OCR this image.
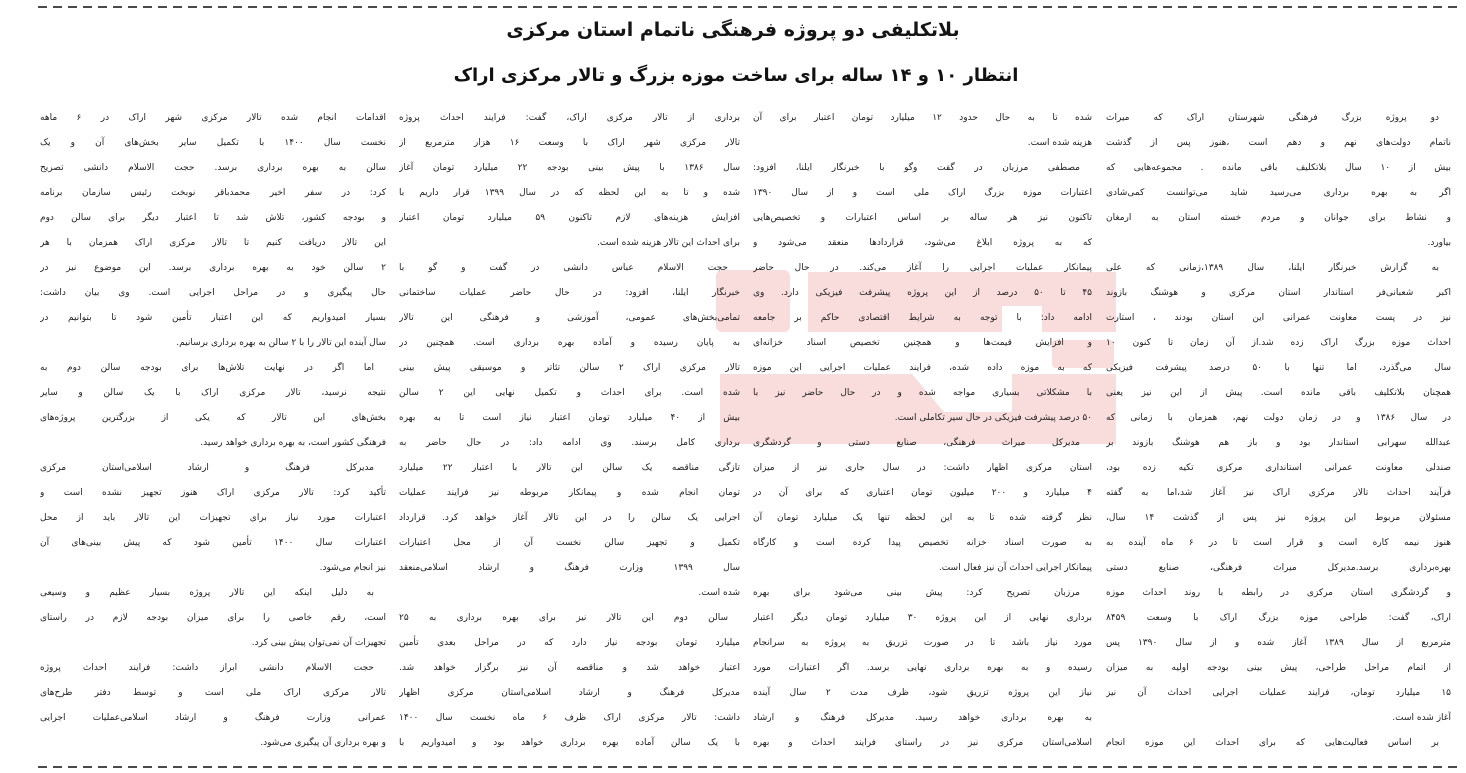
بلاتکلیفی دو پروژه فرهنگی ناتمام استان مرکزی
انتظار ۱۰ و ۱۴ ساله برای ساخت موزه بزرگ و تالار مرکزی اراک
دو پروژه بزرگ فرهنگی شهرستان اراک که میراث
ناتمام دولت‌های نهم و دهم است ،هنوز پس از گذشت
بیش از ۱۰ سال بلاتکلیف باقی مانده . مجموعه‌هایی که
اگر به بهره برداری می‌رسید شاید می‌توانست کمی‌شادی
و نشاط برای جوانان و مردم خسته استان به ارمغان
بیاورد.
به گزارش خبرنگار ایلنا، سال ۱۳۸۹،زمانی که علی
اکبر شعبانی‌فر استاندار استان مرکزی و هوشنگ بازوند
نیز در پست معاونت عمرانی این استان بودند ، استارت
احداث موزه بزرگ اراک زده شد.از آن زمان تا کنون ۱۰
سال می‌گذرد، اما تنها با ۵۰ درصد پیشرفت فیزیکی
همچنان بلاتکلیف باقی مانده است. پیش از این نیز یعنی
در سال ۱۳۸۶ و در زمان دولت نهم، همزمان با زمانی که
عبدالله سهرابی استاندار بود و باز هم هوشنگ بازوند بر
صندلی معاونت عمرانی استانداری مرکزی تکیه زده بود،
فرآیند احداث تالار مرکزی اراک نیز آغاز شد،اما به گفته
مسئولان مربوط این پروژه نیز پس از گذشت ۱۴ سال،
هنوز نیمه کاره است و قرار است تا در ۶ ماه آینده به
بهره‌برداری برسد.مدیرکل میراث فرهنگی، صنایع دستی
و گردشگری استان مرکزی در رابطه با روند احداث موزه
اراک، گفت: طراحی موزه بزرگ اراک با وسعت ۸۴۵۹
مترمربع از سال ۱۳۸۹ آغاز شده و از سال ۱۳۹۰ پس
از اتمام مراحل طراحی، پیش بینی بودجه اولیه به میزان
۱۵ میلیارد تومان، فرایند عملیات اجرایی احداث آن نیز
آغاز شده است.
بر اساس فعالیت‌هایی که برای احداث این موزه انجام
شده تا به حال حدود ۱۲ میلیارد تومان اعتبار برای آن
هزینه شده است.
مصطفی مرزبان در گفت وگو با خبرنگار ایلنا، افزود:
اعتبارات موزه بزرگ اراک ملی است و از سال ۱۳۹۰
تاکنون نیز هر ساله بر اساس اعتبارات و تخصیص‌هایی
که به پروژه ابلاغ می‌شود، قراردادها منعقد می‌شود و
پیمانکار عملیات اجرایی را آغاز می‌کند. در حال حاضر
۴۵ تا ۵۰ درصد از این پروژه پیشرفت فیزیکی دارد. وی
ادامه داد: با توجه به شرایط اقتصادی حاکم بر جامعه
و افزایش قیمت‌ها و همچنین تخصیص اسناد خزانه‌ای
که به موزه داده شده، فرایند عملیات اجرایی این موزه
با مشکلاتی بسیاری مواجه شده و در حال حاضر نیز با
۵۰ درصد پیشرفت فیزیکی در حال سیر تکاملی است.
مدیرکل میراث فرهنگی، صنایع دستی و گردشگری
استان مرکزی اظهار داشت: در سال جاری نیز از میزان
۴ میلیارد و ۲۰۰ میلیون تومان اعتباری که برای آن در
نظر گرفته شده تا به این لحظه تنها یک میلیارد تومان آن
به صورت اسناد خزانه تخصیص پیدا کرده است و کارگاه
پیمانکار اجرایی احداث آن نیز فعال است.
مرزبان تصریح کرد: پیش بینی می‌شود برای بهره
برداری نهایی از این پروژه ۳۰ میلیارد تومان دیگر اعتبار
مورد نیاز باشد تا در صورت تزریق به پروژه به سرانجام
رسیده و به بهره برداری نهایی برسد. اگر اعتبارات مورد
نیاز این پروژه تزریق شود، ظرف مدت ۲ سال آینده
به بهره برداری خواهد رسید. مدیرکل فرهنگ و ارشاد
اسلامی‌استان مرکزی نیز در راستای فرایند احداث و بهره
برداری از تالار مرکزی اراک، گفت: فرایند احداث پروژه
تالار مرکزی شهر اراک با وسعت ۱۶ هزار مترمربع از
سال ۱۳۸۶ با پیش بینی بودجه ۲۲ میلیارد تومان آغاز
شده و تا به این لحظه که در سال ۱۳۹۹ قرار داریم با
افزایش هزینه‌های لازم تاکنون ۵۹ میلیارد تومان اعتبار
برای احداث این تالار هزینه شده است.
حجت الاسلام عباس دانشی در گفت و گو با
خبرنگار ایلنا، افزود: در حال حاضر عملیات ساختمانی
تمامی‌بخش‌های عمومی، آموزشی و فرهنگی این تالار
به پایان رسیده و آماده بهره برداری است. همچنین در
تالار مرکزی اراک ۲ سالن تئاتر و موسیقی پیش بینی
شده است. برای احداث و تکمیل نهایی این ۲ سالن
بیش از ۴۰ میلیارد تومان اعتبار نیاز است تا به بهره
برداری کامل برسند. وی ادامه داد: در حال حاضر به
تازگی مناقصه یک سالن این تالار با اعتبار ۲۲ میلیارد
تومان انجام شده و پیمانکار مربوطه نیز فرایند عملیات
اجرایی یک سالن را در این تالار آغاز خواهد کرد. قرارداد
تکمیل و تجهیز سالن نخست آن از محل اعتبارات
سال ۱۳۹۹ وزارت فرهنگ و ارشاد اسلامی‌منعقد
شده است.
سالن دوم این تالار نیز برای بهره برداری به ۲۵
میلیارد تومان بودجه نیاز دارد که در مراحل بعدی تأمین
اعتبار خواهد شد و مناقصه آن نیز برگزار خواهد شد.
مدیرکل فرهنگ و ارشاد اسلامی‌استان مرکزی اظهار
داشت: تالار مرکزی اراک ظرف ۶ ماه نخست سال ۱۴۰۰
با یک سالن آماده بهره برداری خواهد بود و امیدواریم با
اقدامات انجام شده تالار مرکزی شهر اراک در ۶ ماهه
نخست سال ۱۴۰۰ با تکمیل سایر بخش‌های آن و یک
سالن به بهره برداری برسد. حجت الاسلام دانشی تصریح
کرد: در سفر اخیر محمدباقر نوبخت رئیس سازمان برنامه
و بودجه کشور، تلاش شد تا اعتبار دیگر برای سالن دوم
این تالار دریافت کنیم تا تالار مرکزی اراک همزمان با هر
۲ سالن خود به بهره برداری برسد. این موضوع نیز در
حال پیگیری و در مراحل اجرایی است. وی بیان داشت:
بسیار امیدواریم که این اعتبار تأمین شود تا بتوانیم در
سال آینده این تالار را با ۲ سالن به بهره برداری برسانیم.
اما اگر در نهایت تلاش‌ها برای بودجه سالن دوم به
نتیجه نرسید، تالار مرکزی اراک با یک سالن و سایر
بخش‌های این تالار که یکی از بزرگترین پروژه‌های
فرهنگی کشور است، به بهره برداری خواهد رسید.
مدیرکل فرهنگ و ارشاد اسلامی‌استان مرکزی
تأکید کرد: تالار مرکزی اراک هنوز تجهیز نشده است و
اعتبارات مورد نیاز برای تجهیزات این تالار باید از محل
اعتبارات سال ۱۴۰۰ تأمین شود که پیش بینی‌های آن
نیز انجام می‌شود.
به دلیل اینکه این تالار پروژه بسیار عظیم و وسیعی
است، رقم خاصی را برای میزان بودجه لازم در راستای
تجهیزات آن نمی‌توان پیش بینی کرد.
حجت الاسلام دانشی ابراز داشت: فرایند احداث پروژه
تالار مرکزی اراک ملی است و توسط دفتر طرح‌های
عمرانی وزارت فرهنگ و ارشاد اسلامی‌عملیات اجرایی
و بهره برداری آن پیگیری می‌شود.
